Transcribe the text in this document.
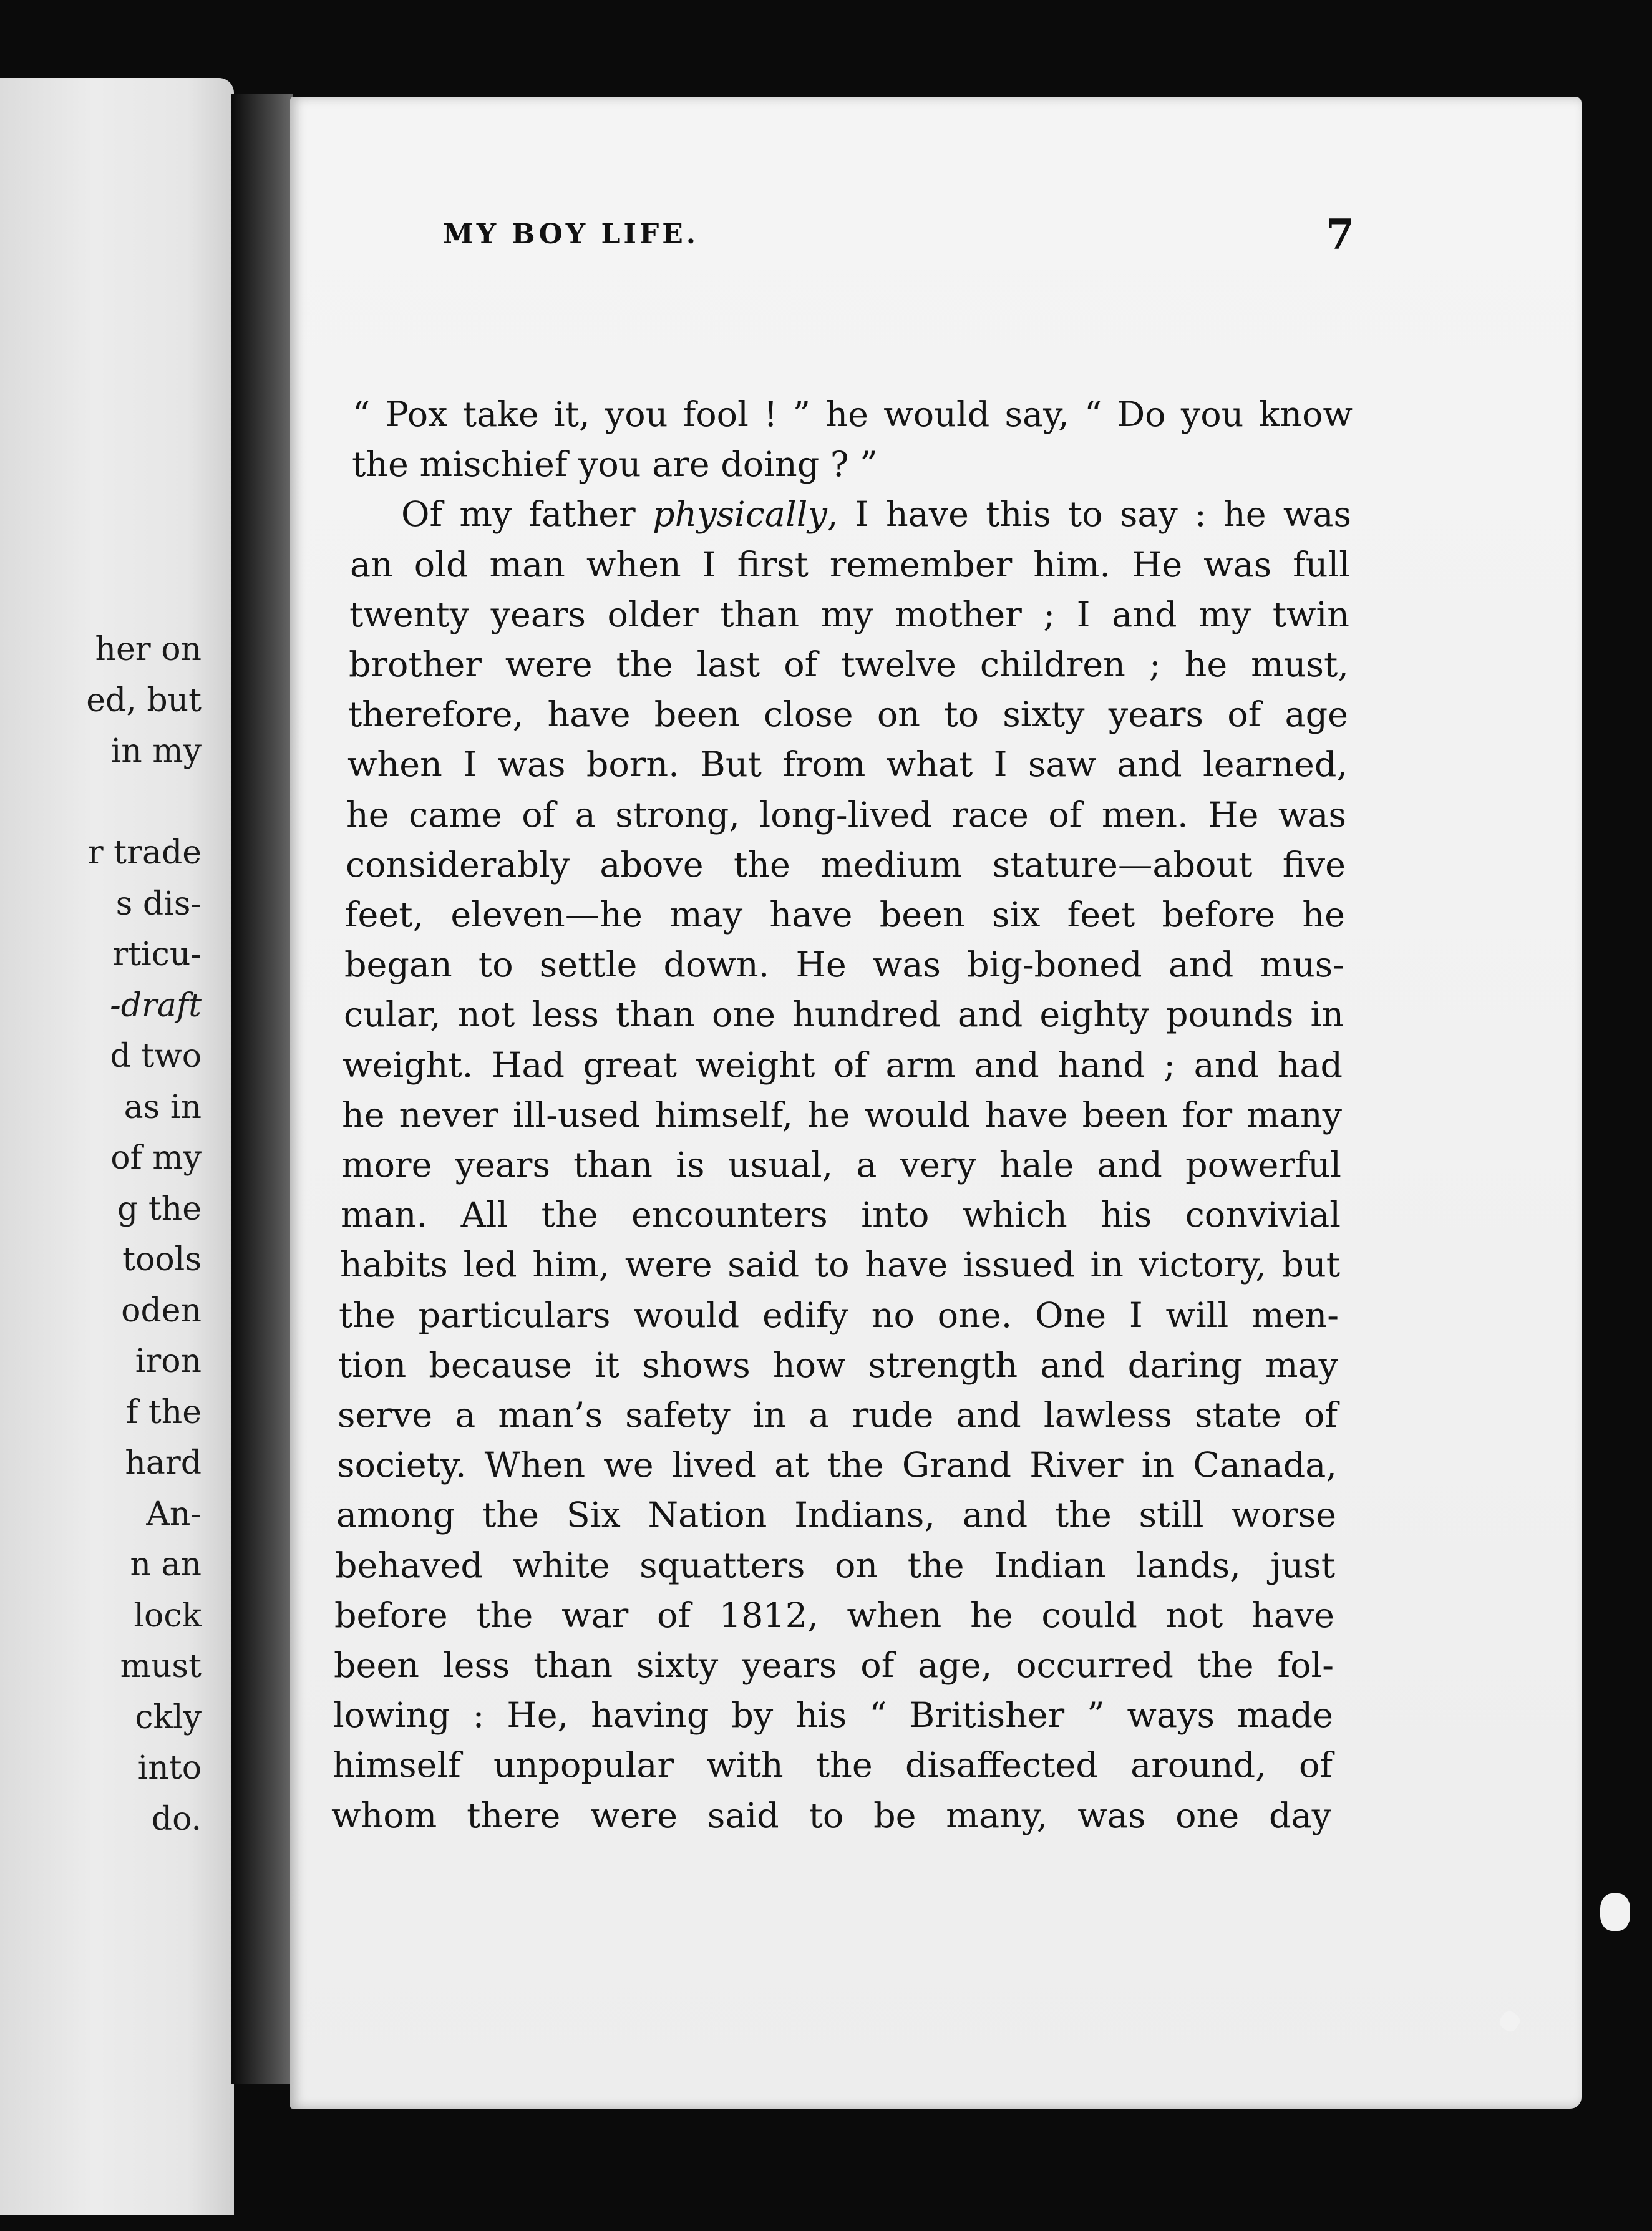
her on

ed, but

in my

r trade

s dis-

rticu-

-draft

d two

as in

of my

g the

tools

oden

iron

f the

hard

An-

n an

lock

must

ckly

into

do.

MY BOY LIFE.	7

“ Pox take it, you fool ! ” he would say, “ Do you know

the mischief you are doing ? ”

Of my father physically, I have this to say : he was

an old man when I first remember him. He was full

twenty years older than my mother ; I and my twin

brother were the last of twelve children ; he must,

therefore, have been close on to sixty years of age

when I was born. But from what I saw and learned,

he came of a strong, long-lived race of men. He was

considerably above the medium stature—about five

feet, eleven—he may have been six feet before he

began to settle down. He was big-boned and mus-

cular, not less than one hundred and eighty pounds in

weight. Had great weight of arm and hand ; and had

he never ill-used himself, he would have been for many

more years than is usual, a very hale and powerful

man. All the encounters into which his convivial

habits led him, were said to have issued in victory, but

the particulars would edify no one. One I will men-

tion because it shows how strength and daring may

serve a man’s safety in a rude and lawless state of

society. When we lived at the Grand River in Canada,

among the Six Nation Indians, and the still worse

behaved white squatters on the Indian lands, just

before the war of 1812, when he could not have

been less than sixty years of age, occurred the fol-

lowing : He, having by his “ Britisher ” ways made

himself unpopular with the disaffected around, of

whom there were said to be many, was one day
